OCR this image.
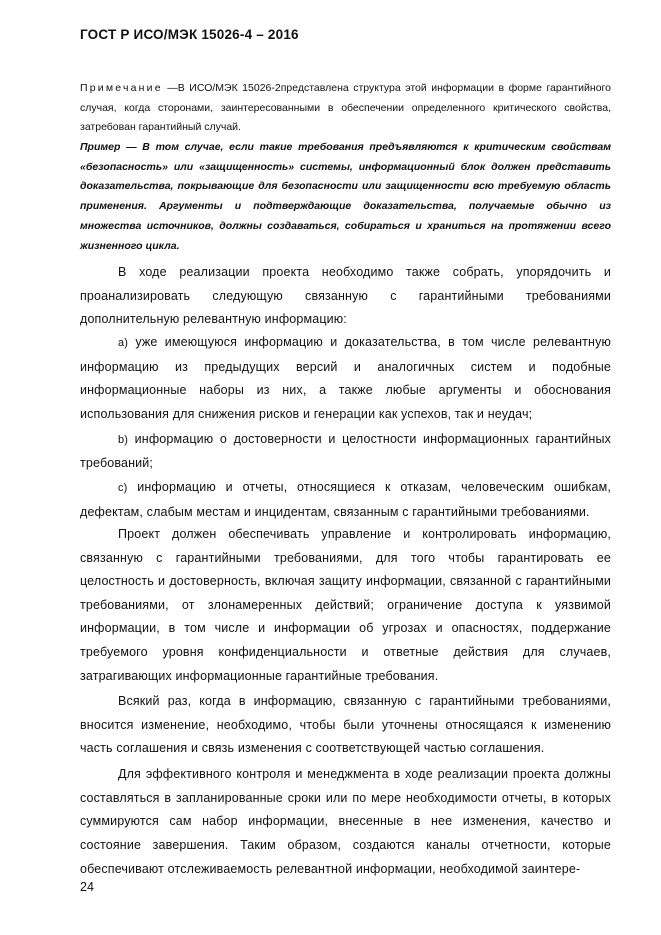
ГОСТ Р ИСО/МЭК 15026-4 – 2016
Примечание —В ИСО/МЭК 15026-2представлена структура этой информации в форме гарантийного случая, когда сторонами, заинтересованными в обеспечении определенного критического свойства, затребован гарантийный случай.
Пример — В том случае, если такие требования предъявляются к критическим свойствам «безопасность» или «защищенность» системы, информационный блок должен представить доказательства, покрывающие для безопасности или защищенности всю требуемую область применения. Аргументы и подтверждающие доказательства, получаемые обычно из множества источников, должны создаваться, собираться и храниться на протяжении всего жизненного цикла.

В ходе реализации проекта необходимо также собрать, упорядочить и проанализировать следующую связанную с гарантийными требованиями дополнительную релевантную информацию:

a) уже имеющуюся информацию и доказательства, в том числе релевантную информацию из предыдущих версий и аналогичных систем и подобные информационные наборы из них, а также любые аргументы и обоснования использования для снижения рисков и генерации как успехов, так и неудач;

b) информацию о достоверности и целостности информационных гарантийных требований;

c) информацию и отчеты, относящиеся к отказам, человеческим ошибкам, дефектам, слабым местам и инцидентам, связанным с гарантийными требованиями.

Проект должен обеспечивать управление и контролировать информацию, связанную с гарантийными требованиями, для того чтобы гарантировать ее целостность и достоверность, включая защиту информации, связанной с гарантийными требованиями, от злонамеренных действий; ограничение доступа к уязвимой информации, в том числе и информации об угрозах и опасностях, поддержание требуемого уровня конфиденциальности и ответные действия для случаев, затрагивающих информационные гарантийные требования.

Всякий раз, когда в информацию, связанную с гарантийными требованиями, вносится изменение, необходимо, чтобы были уточнены относящаяся к изменению часть соглашения и связь изменения с соответствующей частью соглашения.

Для эффективного контроля и менеджмента в ходе реализации проекта должны составляться в запланированные сроки или по мере необходимости отчеты, в которых суммируются сам набор информации, внесенные в нее изменения, качество и состояние завершения. Таким образом, создаются каналы отчетности, которые обеспечивают отслеживаемость релевантной информации, необходимой заинтере-

24
